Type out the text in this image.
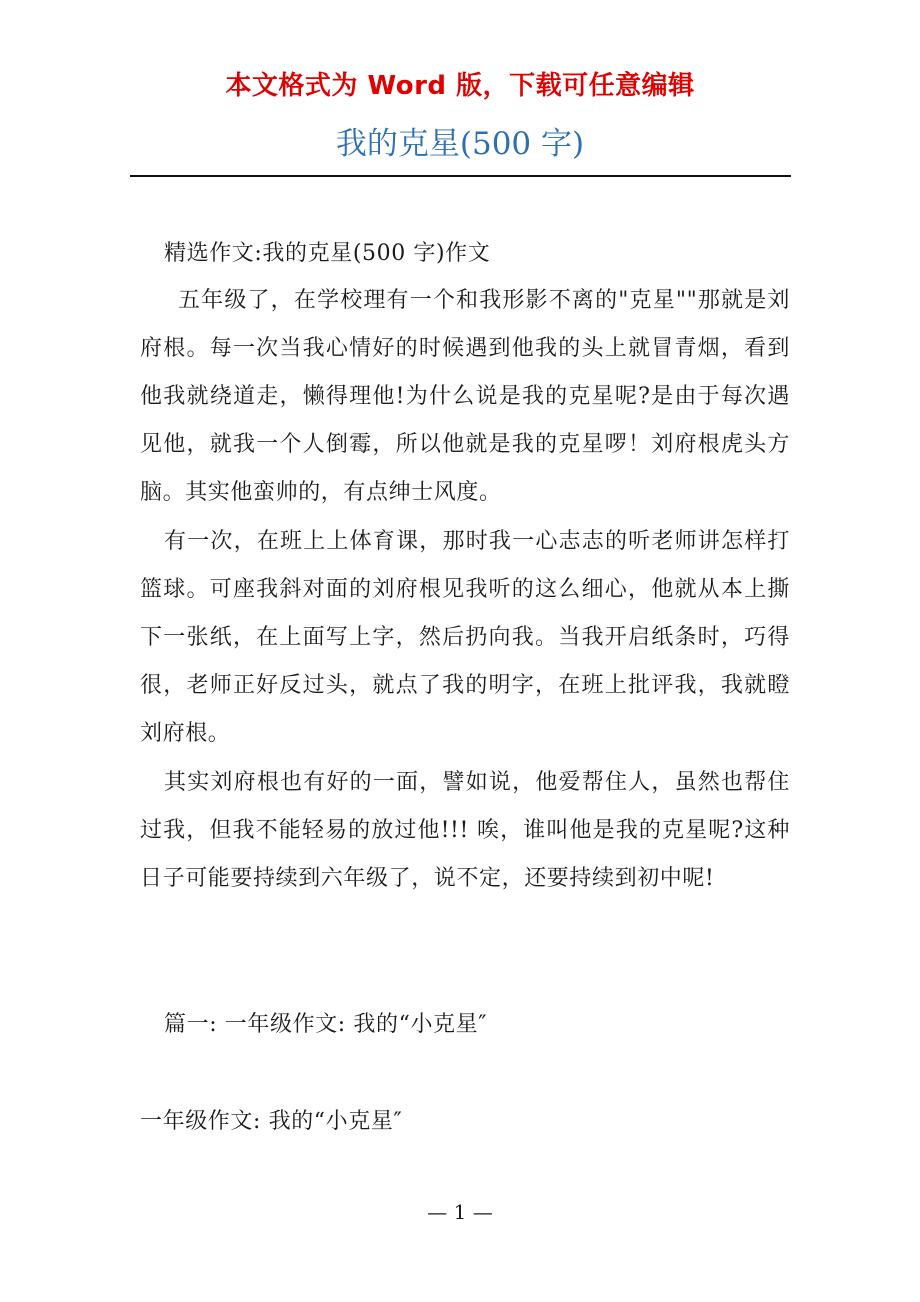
本文格式为 Word 版，下载可任意编辑
我的克星(500 字)

精选作文:我的克星(500 字)作文

五年级了，在学校理有一个和我形影不离的"克星""那就是刘府根。每一次当我心情好的时候遇到他我的头上就冒青烟，看到他我就绕道走，懒得理他!为什么说是我的克星呢?是由于每次遇见他，就我一个人倒霉，所以他就是我的克星啰！刘府根虎头方脑。其实他蛮帅的，有点绅士风度。

有一次，在班上上体育课，那时我一心志志的听老师讲怎样打篮球。可座我斜对面的刘府根见我听的这么细心，他就从本上撕下一张纸，在上面写上字，然后扔向我。当我开启纸条时，巧得很，老师正好反过头，就点了我的明字，在班上批评我，我就瞪刘府根。

其实刘府根也有好的一面，譬如说，他爱帮住人，虽然也帮住过我，但我不能轻易的放过他!!! 唉，谁叫他是我的克星呢?这种日子可能要持续到六年级了，说不定，还要持续到初中呢!

篇一: 一年级作文: 我的“小克星″

一年级作文: 我的“小克星″

— 1 —
